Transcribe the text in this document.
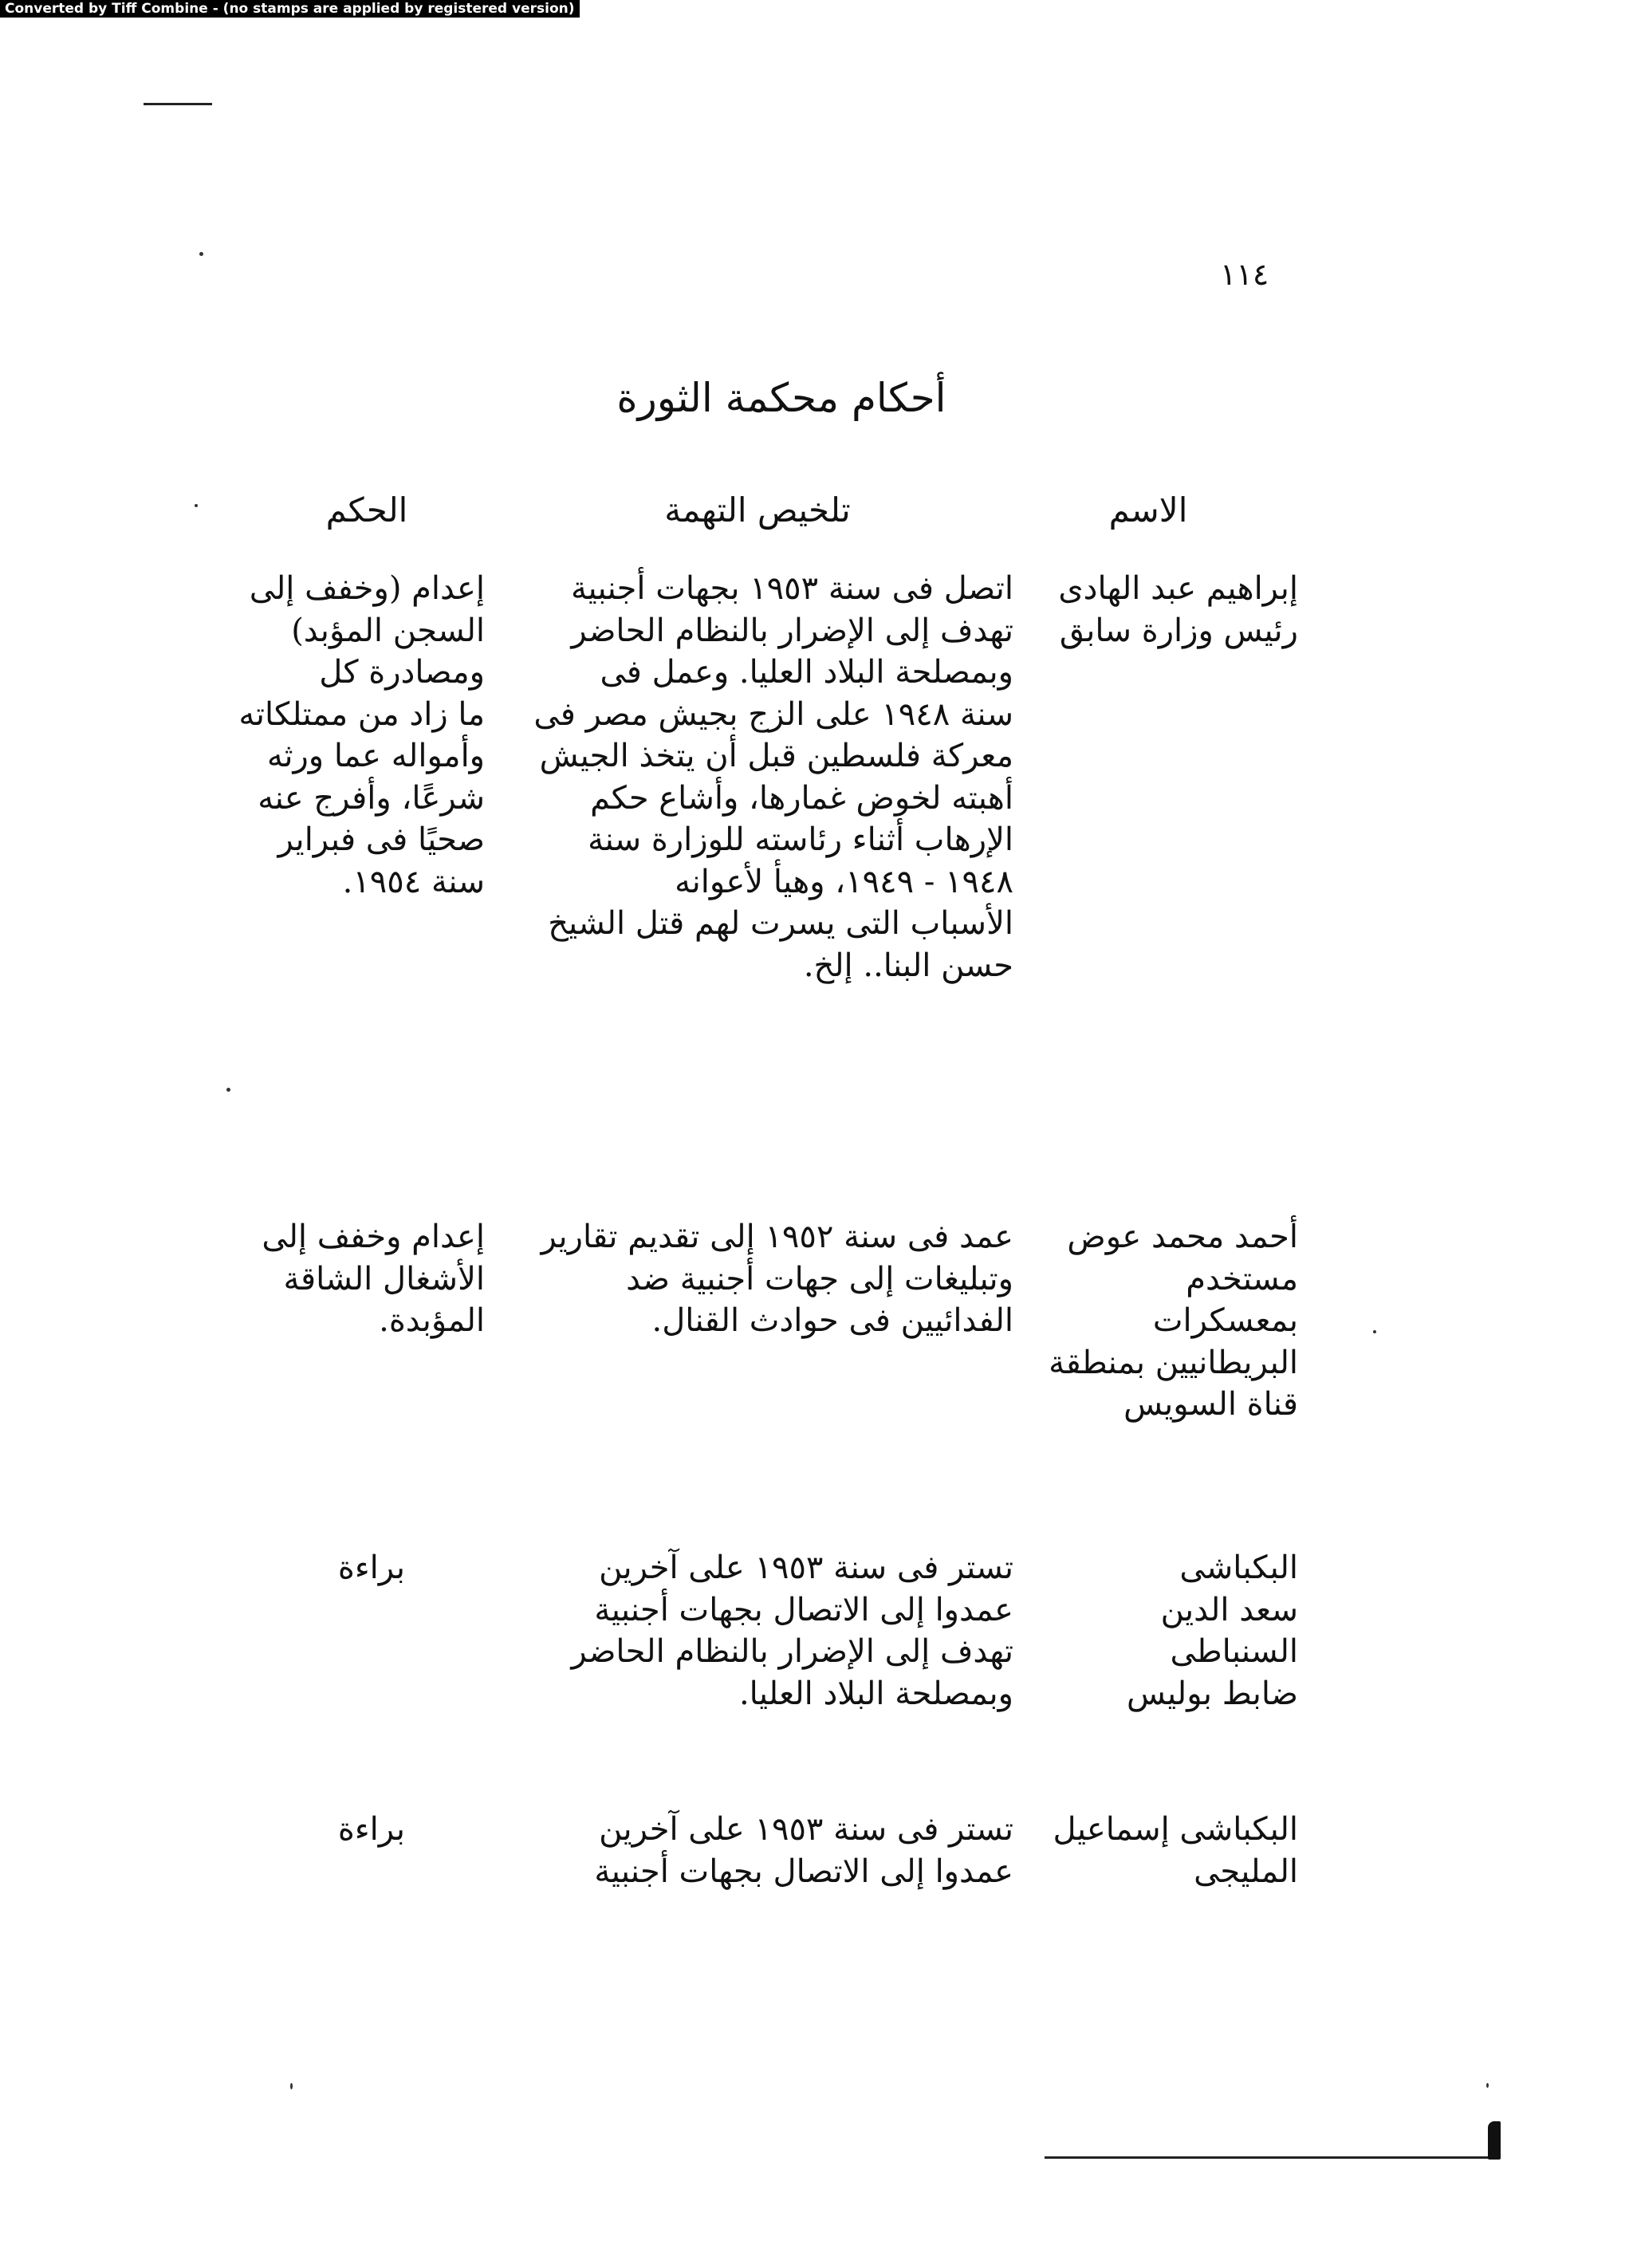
Converted by Tiff Combine - (no stamps are applied by registered version)
١١٤
أحكام محكمة الثورة
الاسم
تلخيص التهمة
الحكم
إبراهيم عبد الهادى
رئيس وزارة سابق
اتصل فى سنة ١٩٥٣ بجهات أجنبية
تهدف إلى الإضرار بالنظام الحاضر
وبمصلحة البلاد العليا. وعمل فى
سنة ١٩٤٨ على الزج بجيش مصر فى
معركة فلسطين قبل أن يتخذ الجيش
أهبته لخوض غمارها، وأشاع حكم
الإرهاب أثناء رئاسته للوزارة سنة
١٩٤٨ - ١٩٤٩، وهيأ لأعوانه
الأسباب التى يسرت لهم قتل الشيخ
حسن البنا.. إلخ.
إعدام (وخفف إلى
السجن المؤبد)
ومصادرة كل
ما زاد من ممتلكاته
وأمواله عما ورثه
شرعًا، وأفرج عنه
صحيًا فى فبراير
سنة ١٩٥٤.
أحمد محمد عوض
مستخدم
بمعسكرات
البريطانيين بمنطقة
قناة السويس
عمد فى سنة ١٩٥٢ إلى تقديم تقارير
وتبليغات إلى جهات أجنبية ضد
الفدائيين فى حوادث القنال.
إعدام وخفف إلى
الأشغال الشاقة
المؤبدة.
البكباشى
سعد الدين
السنباطى
ضابط بوليس
تستر فى سنة ١٩٥٣ على آخرين
عمدوا إلى الاتصال بجهات أجنبية
تهدف إلى الإضرار بالنظام الحاضر
وبمصلحة البلاد العليا.
براءة
البكباشى إسماعيل
المليجى
تستر فى سنة ١٩٥٣ على آخرين
عمدوا إلى الاتصال بجهات أجنبية
براءة
